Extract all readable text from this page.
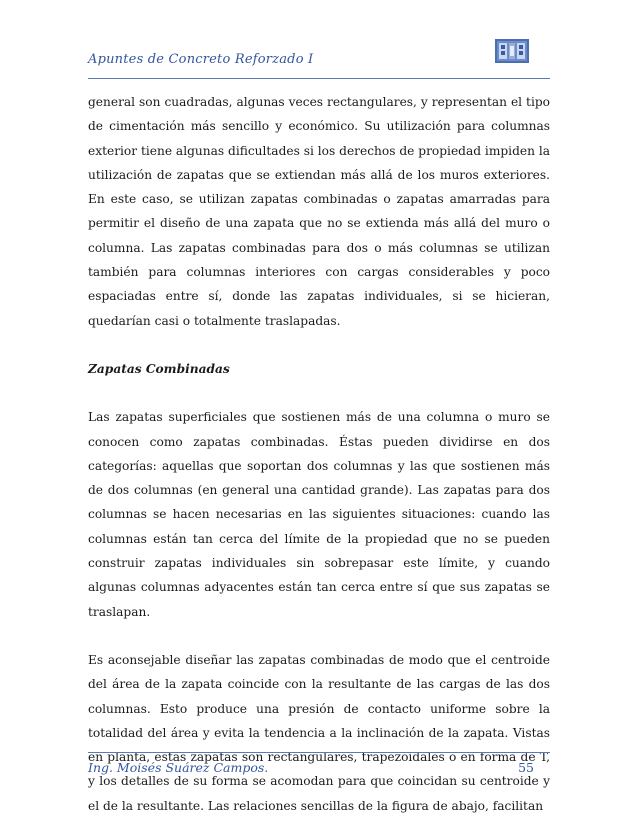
Apuntes de Concreto Reforzado I

general son cuadradas, algunas veces rectangulares, y representan el tipo de cimentación más sencillo y económico. Su utilización para columnas exterior tiene algunas dificultades si los derechos de propiedad impiden la utilización de zapatas que se extiendan más allá de los muros exteriores. En este caso, se utilizan zapatas combinadas o zapatas amarradas para permitir el diseño de una zapata que no se extienda más allá del muro o columna. Las zapatas combinadas para dos o más columnas se utilizan también para columnas interiores con cargas considerables y poco espaciadas entre sí, donde las zapatas individuales, si se hicieran, quedarían casi o totalmente traslapadas.

Zapatas Combinadas

Las zapatas superficiales que sostienen más de una columna o muro se conocen como zapatas combinadas. Éstas pueden dividirse en dos categorías: aquellas que soportan dos columnas y las que sostienen más de dos columnas (en general una cantidad grande). Las zapatas para dos columnas se hacen necesarias en las siguientes situaciones: cuando las columnas están tan cerca del límite de la propiedad que no se pueden construir zapatas individuales sin sobrepasar este límite, y cuando algunas columnas adyacentes están tan cerca entre sí que sus zapatas se traslapan.

Es aconsejable diseñar las zapatas combinadas de modo que el centroide del área de la zapata coincide con la resultante de las cargas de las dos columnas. Esto produce una presión de contacto uniforme sobre la totalidad del área y evita la tendencia a la inclinación de la zapata. Vistas en planta, estas zapatas son rectangulares, trapezoidales o en forma de T, y los detalles de su forma se acomodan para que coincidan su centroide y el de la resultante. Las relaciones sencillas de la figura de abajo, facilitan

Ing. Moisés Suárez Campos.	55
